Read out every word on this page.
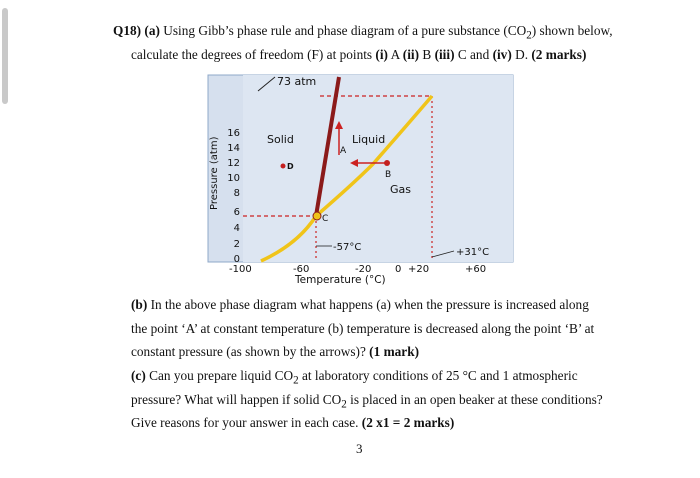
Q18) (a) Using Gibb’s phase rule and phase diagram of a pure substance $(CO_2)$ shown below,
calculate the degrees of freedom (F) at points (i) A (ii) B (iii) C and (iv) D. (2 marks)
73 atm
A
B
C
D
Solid	Liquid
Gas
Pressure (atm)
16
14
12
10
8
6
4
2
0
-100	-60	-20 0 +20	+60
-57°C	+31°C
Temperature (°C)
(b) In the above phase diagram what happens (a) when the pressure is increased along
the point ‘A’ at constant temperature (b) temperature is decreased along the point ‘B’ at
constant pressure (as shown by the arrows)? (1 mark)
(c) Can you prepare liquid $CO_2$ at laboratory conditions of 25 °C and 1 atmospheric
pressure? What will happen if solid $CO_2$ is placed in an open beaker at these conditions?
Give reasons for your answer in each case. (2 x1 = 2 marks)
3
